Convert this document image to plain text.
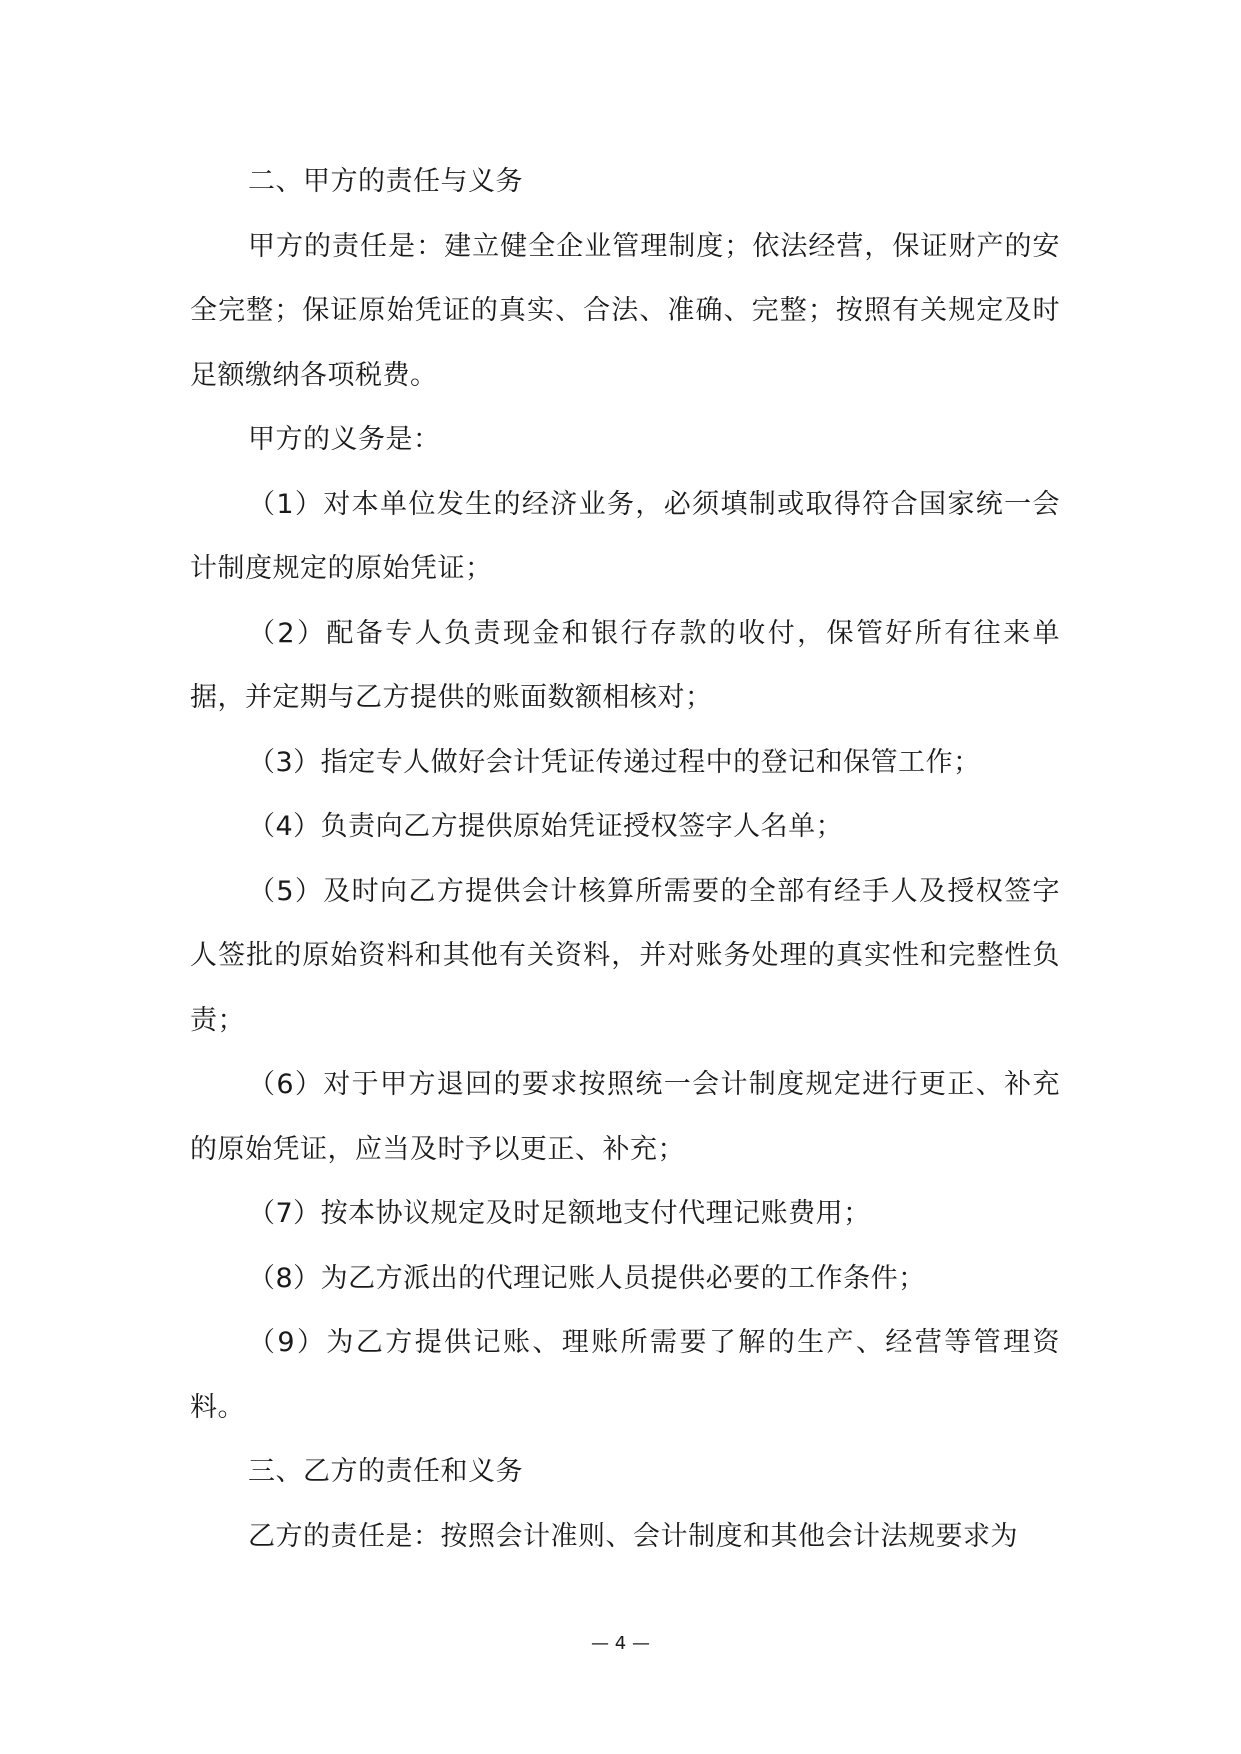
二、甲方的责任与义务

甲方的责任是：建立健全企业管理制度；依法经营，保证财产的安全完整；保证原始凭证的真实、合法、准确、完整；按照有关规定及时足额缴纳各项税费。

甲方的义务是：

（1）对本单位发生的经济业务，必须填制或取得符合国家统一会计制度规定的原始凭证；

（2）配备专人负责现金和银行存款的收付，保管好所有往来单据，并定期与乙方提供的账面数额相核对；

（3）指定专人做好会计凭证传递过程中的登记和保管工作；

（4）负责向乙方提供原始凭证授权签字人名单；

（5）及时向乙方提供会计核算所需要的全部有经手人及授权签字人签批的原始资料和其他有关资料，并对账务处理的真实性和完整性负责；

（6）对于甲方退回的要求按照统一会计制度规定进行更正、补充的原始凭证，应当及时予以更正、补充；

（7）按本协议规定及时足额地支付代理记账费用；

（8）为乙方派出的代理记账人员提供必要的工作条件；

（9）为乙方提供记账、理账所需要了解的生产、经营等管理资料。

三、乙方的责任和义务

乙方的责任是：按照会计准则、会计制度和其他会计法规要求为

— 4 —
